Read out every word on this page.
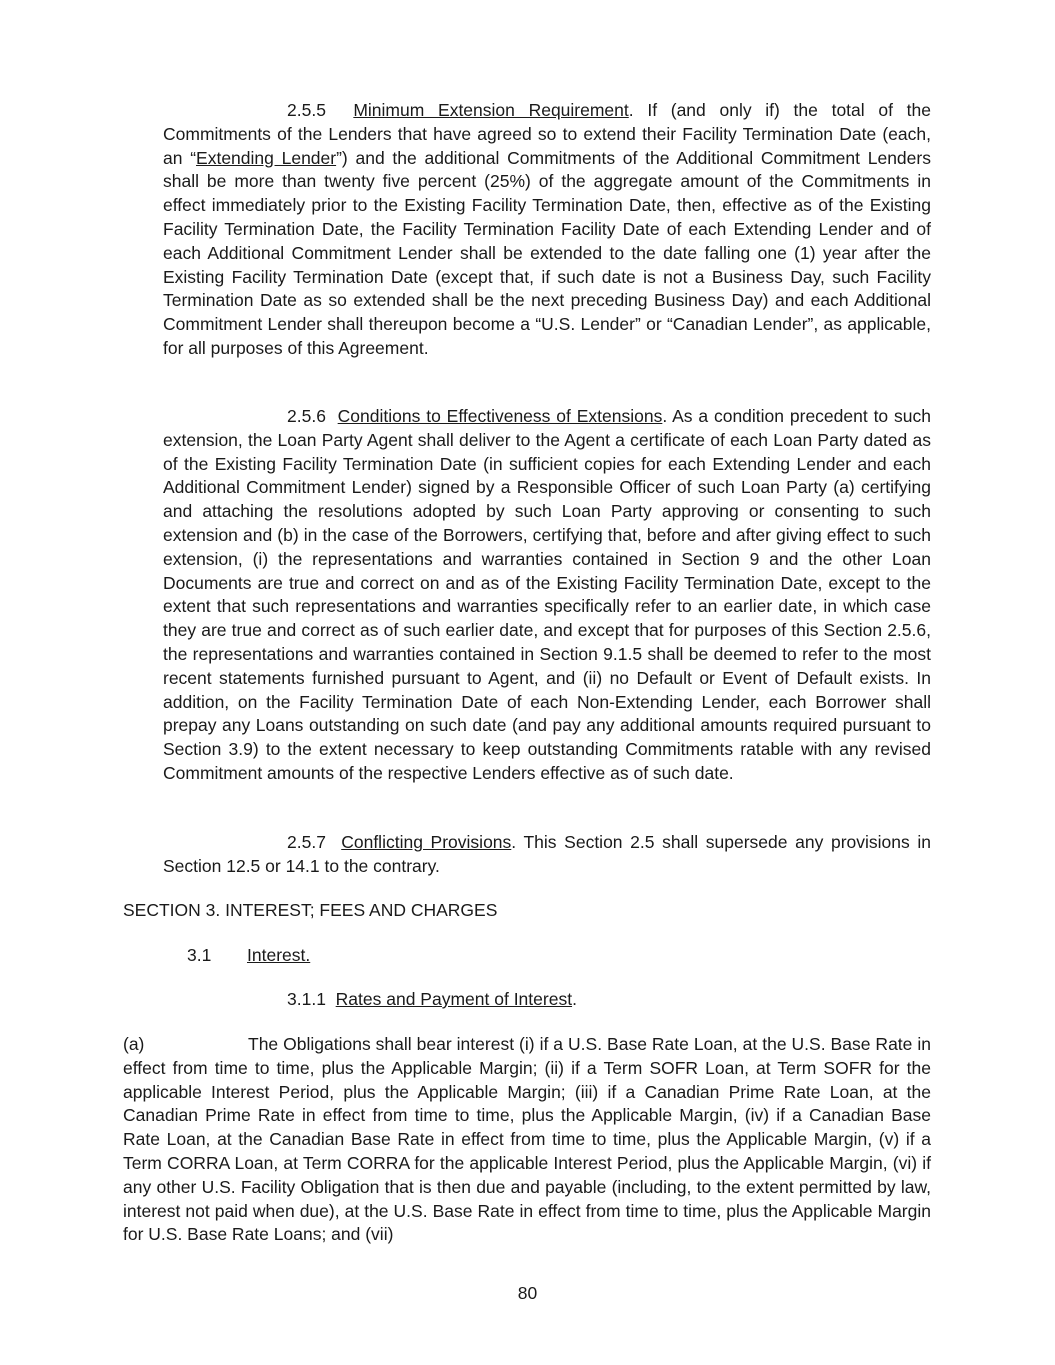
2.5.5 Minimum Extension Requirement. If (and only if) the total of the Commitments of the Lenders that have agreed so to extend their Facility Termination Date (each, an “Extending Lender”) and the additional Commitments of the Additional Commitment Lenders shall be more than twenty five percent (25%) of the aggregate amount of the Commitments in effect immediately prior to the Existing Facility Termination Date, then, effective as of the Existing Facility Termination Date, the Facility Termination Facility Date of each Extending Lender and of each Additional Commitment Lender shall be extended to the date falling one (1) year after the Existing Facility Termination Date (except that, if such date is not a Business Day, such Facility Termination Date as so extended shall be the next preceding Business Day) and each Additional Commitment Lender shall thereupon become a “U.S. Lender” or “Canadian Lender”, as applicable, for all purposes of this Agreement.

2.5.6 Conditions to Effectiveness of Extensions. As a condition precedent to such extension, the Loan Party Agent shall deliver to the Agent a certificate of each Loan Party dated as of the Existing Facility Termination Date (in sufficient copies for each Extending Lender and each Additional Commitment Lender) signed by a Responsible Officer of such Loan Party (a) certifying and attaching the resolutions adopted by such Loan Party approving or consenting to such extension and (b) in the case of the Borrowers, certifying that, before and after giving effect to such extension, (i) the representations and warranties contained in Section 9 and the other Loan Documents are true and correct on and as of the Existing Facility Termination Date, except to the extent that such representations and warranties specifically refer to an earlier date, in which case they are true and correct as of such earlier date, and except that for purposes of this Section 2.5.6, the representations and warranties contained in Section 9.1.5 shall be deemed to refer to the most recent statements furnished pursuant to Agent, and (ii) no Default or Event of Default exists. In addition, on the Facility Termination Date of each Non-Extending Lender, each Borrower shall prepay any Loans outstanding on such date (and pay any additional amounts required pursuant to Section 3.9) to the extent necessary to keep outstanding Commitments ratable with any revised Commitment amounts of the respective Lenders effective as of such date.

2.5.7 Conflicting Provisions. This Section 2.5 shall supersede any provisions in Section 12.5 or 14.1 to the contrary.

SECTION 3. INTEREST; FEES AND CHARGES
3.1 Interest.
3.1.1 Rates and Payment of Interest.

(a)	The Obligations shall bear interest (i) if a U.S. Base Rate Loan, at the U.S. Base Rate in effect from time to time, plus the Applicable Margin; (ii) if a Term SOFR Loan, at Term SOFR for the applicable Interest Period, plus the Applicable Margin; (iii) if a Canadian Prime Rate Loan, at the Canadian Prime Rate in effect from time to time, plus the Applicable Margin, (iv) if a Canadian Base Rate Loan, at the Canadian Base Rate in effect from time to time, plus the Applicable Margin, (v) if a Term CORRA Loan, at Term CORRA for the applicable Interest Period, plus the Applicable Margin, (vi) if any other U.S. Facility Obligation that is then due and payable (including, to the extent permitted by law, interest not paid when due), at the U.S. Base Rate in effect from time to time, plus the Applicable Margin for U.S. Base Rate Loans; and (vii)

80
